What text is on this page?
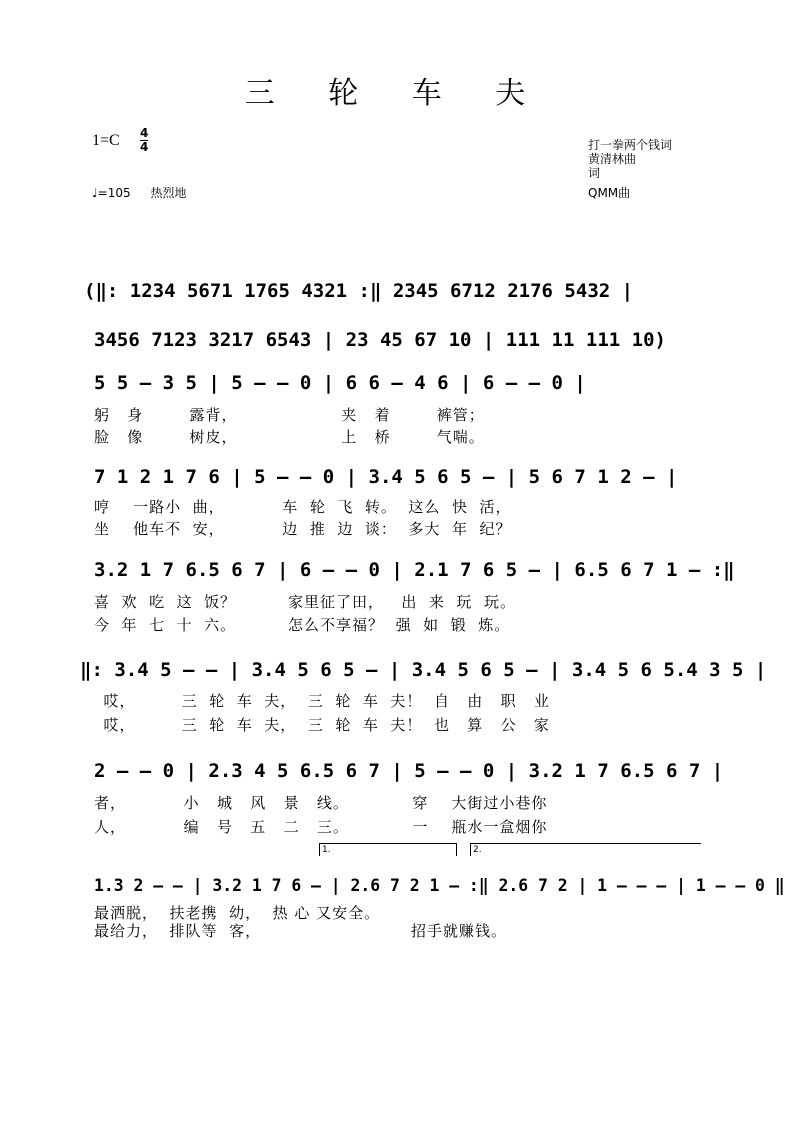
三 轮 车 夫
1=C 4
4
♩=105 热烈地
打一拳两个钱词
黄清林曲
词
QMM曲
(‖: 1234 5671 1765 4321 :‖ 2345 6712 2176 5432 |
3456 7123 3217 6543 | 23 45 67 10 | 111 11 111 10)
5 5 – 3 5 | 5 – – 0 | 6 6 – 4 6 | 6 – – 0 |
躬   身        露背，                  夹   着        裤管；
脸   像        树皮，                  上   桥        气喘。
7 1 2 1 7 6 | 5 – – 0 | 3.4 5 6 5 – | 5 6 7 1 2 – |
哼    一路小  曲，          车  轮  飞  转。  这么  快  活，
坐    他车不  安，          边  推  边  谈：  多大  年  纪？
3.2 1 7 6.5 6 7 | 6 – – 0 | 2.1 7 6 5 – | 6.5 6 7 1 – :‖
喜  欢  吃  这  饭？         家里征了田，   出  来  玩  玩。
今  年  七  十  六。         怎么不享福？  强  如  锻  炼。
‖: 3.4 5 – – | 3.4 5 6 5 – | 3.4 5 6 5 – | 3.4 5 6 5.4 3 5 |
哎，        三  轮  车  夫，  三  轮  车  夫！  自   由   职   业
哎，        三  轮  车  夫，  三  轮  车  夫！  也   算   公   家
2 – – 0 | 2.3 4 5 6.5 6 7 | 5 – – 0 | 3.2 1 7 6.5 6 7 |
者，          小   城   风   景   线。           穿    大街过小巷你
人，          编   号   五   二   三。           一    瓶水一盒烟你
1.	2.
1.3 2 – – | 3.2 1 7 6 – | 2.6 7 2 1 – :‖ 2.6 7 2 | 1 – – – | 1 – – 0 ‖
最洒脱，  扶老携  幼，  热 心 又安全。
最给力，  排队等  客，                          招手就赚钱。
